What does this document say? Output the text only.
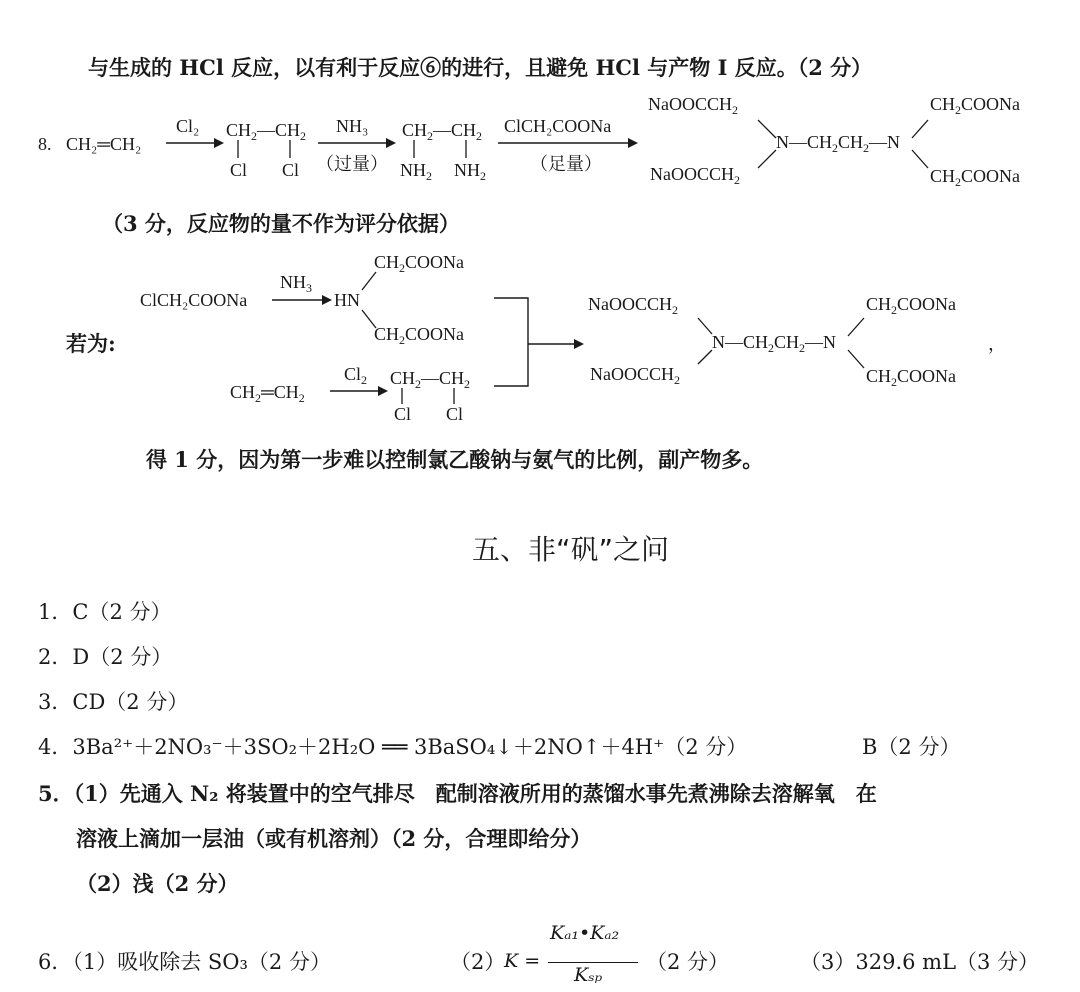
与生成的 HCl 反应，以有利于反应⑥的进行，且避免 HCl 与产物 I 反应。（2 分）
8. CH₂═CH₂
Cl₂ $CH_2—CH_2$
Cl Cl
NH₃
（过量）
$CH_2—CH_2$
$NH_2$ $NH_2$
ClCH₂COONa
（足量）
NaOOCCH$_2$
NaOOCCH$_2$
$N—CH_2CH_2—N$
$CH_2COONa$
$CH_2COONa$
（3 分，反应物的量不作为评分依据）
ClCH₂COONa
$NH_3$
HN
$CH_2COONa$
$CH_2COONa$
$CH_2═CH_2$
$Cl_2$ $CH_2—CH_2$
Cl Cl
NaOOCCH$_2$
NaOOCCH$_2$
$N—CH_2CH_2—N$
$CH_2COONa$
$CH_2COONa$
，
若为:
得 1 分，因为第一步难以控制氯乙酸钠与氨气的比例，副产物多。
五、非“矾”之问
1．C（2 分）
2．D（2 分）
3．CD（2 分）
4．3Ba²⁺＋2NO₃⁻＋3SO₂＋2H₂O ══ 3BaSO₄↓＋2NO↑＋4H⁺（2 分）	B（2 分）
5．（1）先通入 N₂ 将装置中的空气排尽　配制溶液所用的蒸馏水事先煮沸除去溶解氧　在
溶液上滴加一层油（或有机溶剂）（2 分，合理即给分）
（2）浅（2 分）
6．（1）吸收除去 SO₃（2 分）	（2）
K =
Kₐ₁•Kₐ₂
Kₛₚ
（2 分）	（3）329.6 mL（3 分）
